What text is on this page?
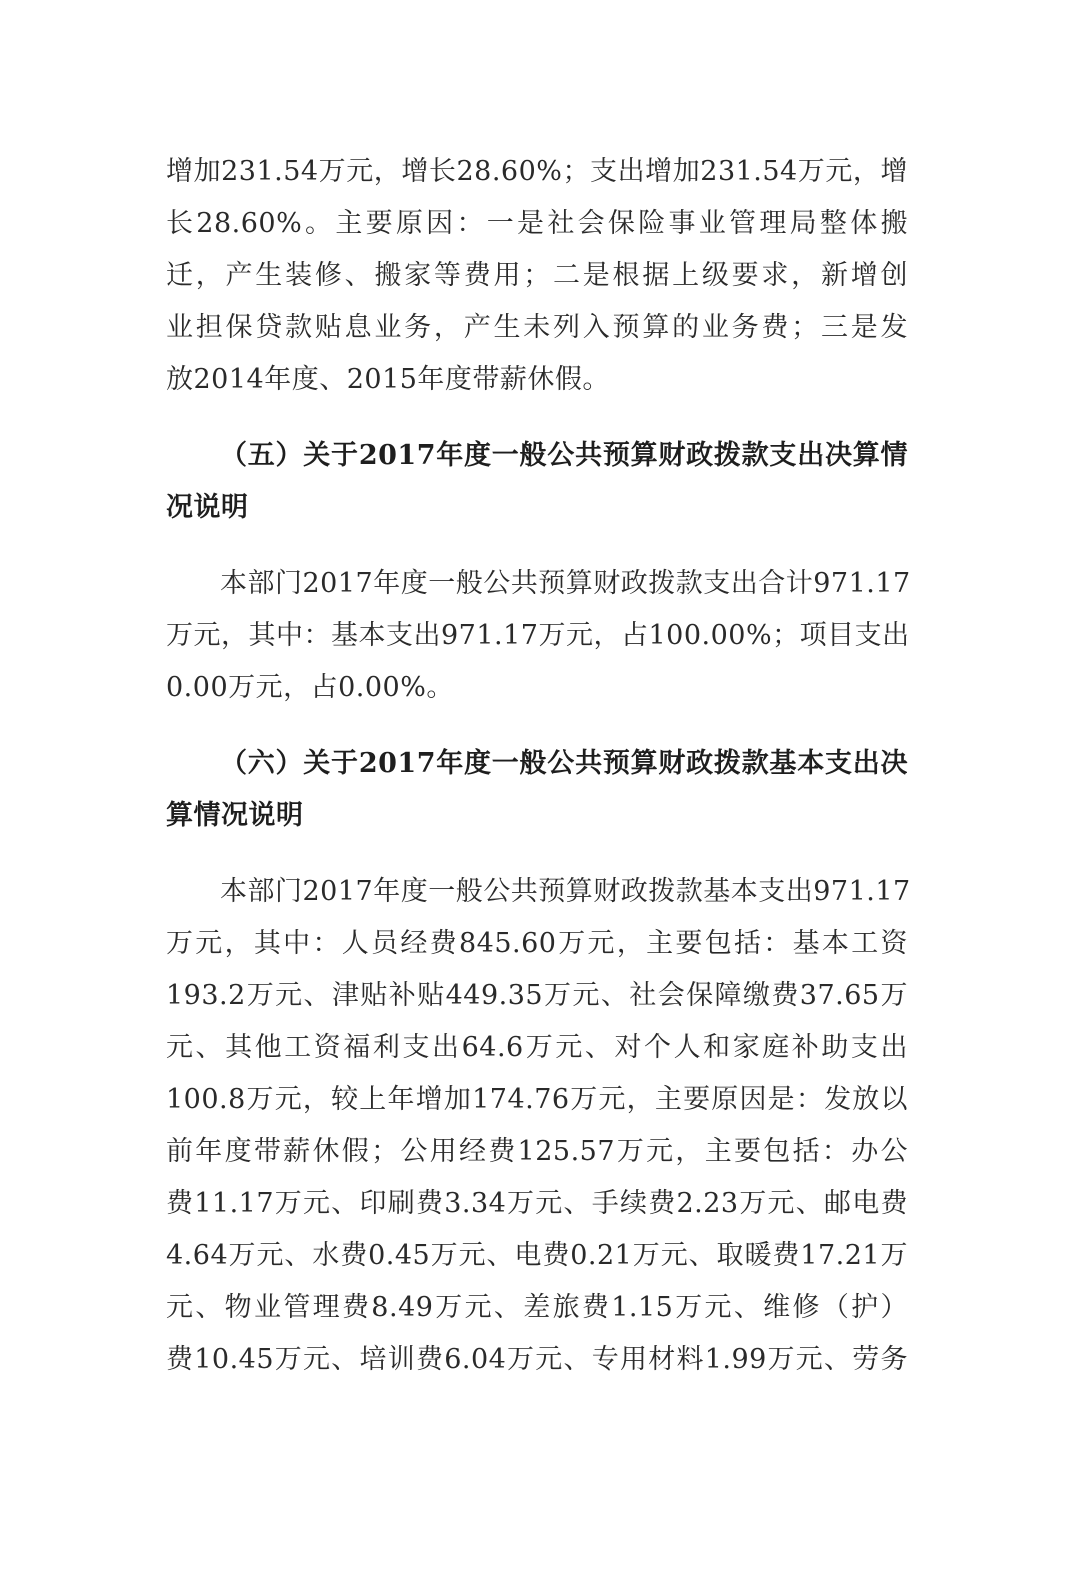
增加231.54万元，增长28.60%；支出增加231.54万元，增
长28.60%。主要原因：一是社会保险事业管理局整体搬
迁，产生装修、搬家等费用；二是根据上级要求，新增创
业担保贷款贴息业务，产生未列入预算的业务费；三是发
放2014年度、2015年度带薪休假。
（五）关于2017年度一般公共预算财政拨款支出决算情
况说明
本部门2017年度一般公共预算财政拨款支出合计971.17
万元，其中：基本支出971.17万元，占100.00%；项目支出
0.00万元，占0.00%。
（六）关于2017年度一般公共预算财政拨款基本支出决
算情况说明
本部门2017年度一般公共预算财政拨款基本支出971.17
万元，其中：人员经费845.60万元，主要包括：基本工资
193.2万元、津贴补贴449.35万元、社会保障缴费37.65万
元、其他工资福利支出64.6万元、对个人和家庭补助支出
100.8万元，较上年增加174.76万元，主要原因是：发放以
前年度带薪休假；公用经费125.57万元，主要包括：办公
费11.17万元、印刷费3.34万元、手续费2.23万元、邮电费
4.64万元、水费0.45万元、电费0.21万元、取暖费17.21万
元、物业管理费8.49万元、差旅费1.15万元、维修（护）
费10.45万元、培训费6.04万元、专用材料1.99万元、劳务
